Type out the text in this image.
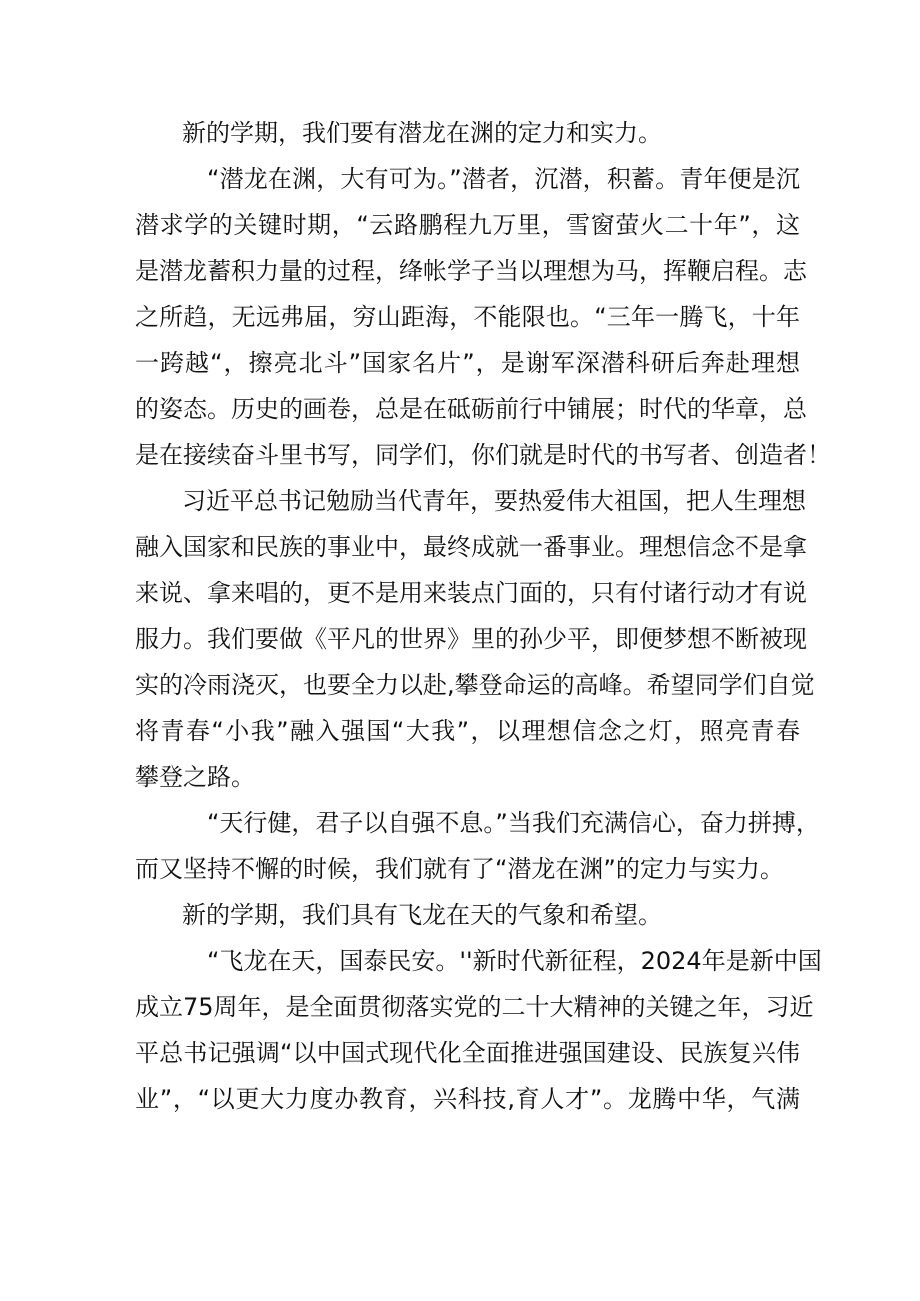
新的学期，我们要有潜龙在渊的定力和实力。
“潜龙在渊，大有可为。”潜者，沉潜，积蓄。青年便是沉
潜求学的关键时期，“云路鹏程九万里，雪窗萤火二十年”，这
是潜龙蓄积力量的过程，绛帐学子当以理想为马，挥鞭启程。志
之所趋，无远弗届，穷山距海，不能限也。“三年一腾飞，十年
一跨越“，擦亮北斗”国家名片”，是谢军深潜科研后奔赴理想
的姿态。历史的画卷，总是在砥砺前行中铺展；时代的华章，总
是在接续奋斗里书写，同学们，你们就是时代的书写者、创造者！
习近平总书记勉励当代青年，要热爱伟大祖国，把人生理想
融入国家和民族的事业中，最终成就一番事业。理想信念不是拿
来说、拿来唱的，更不是用来装点门面的，只有付诸行动才有说
服力。我们要做《平凡的世界》里的孙少平，即便梦想不断被现
实的冷雨浇灭，也要全力以赴,攀登命运的高峰。希望同学们自觉
将青春“小我”融入强国“大我”，以理想信念之灯，照亮青春
攀登之路。
“天行健，君子以自强不息。”当我们充满信心，奋力拼搏，
而又坚持不懈的时候，我们就有了“潜龙在渊”的定力与实力。
新的学期，我们具有飞龙在天的气象和希望。
“飞龙在天，国泰民安。''新时代新征程，2024年是新中国
成立75周年，是全面贯彻落实党的二十大精神的关键之年，习近
平总书记强调“以中国式现代化全面推进强国建设、民族复兴伟
业”，“以更大力度办教育，兴科技,育人才”。龙腾中华，气满
